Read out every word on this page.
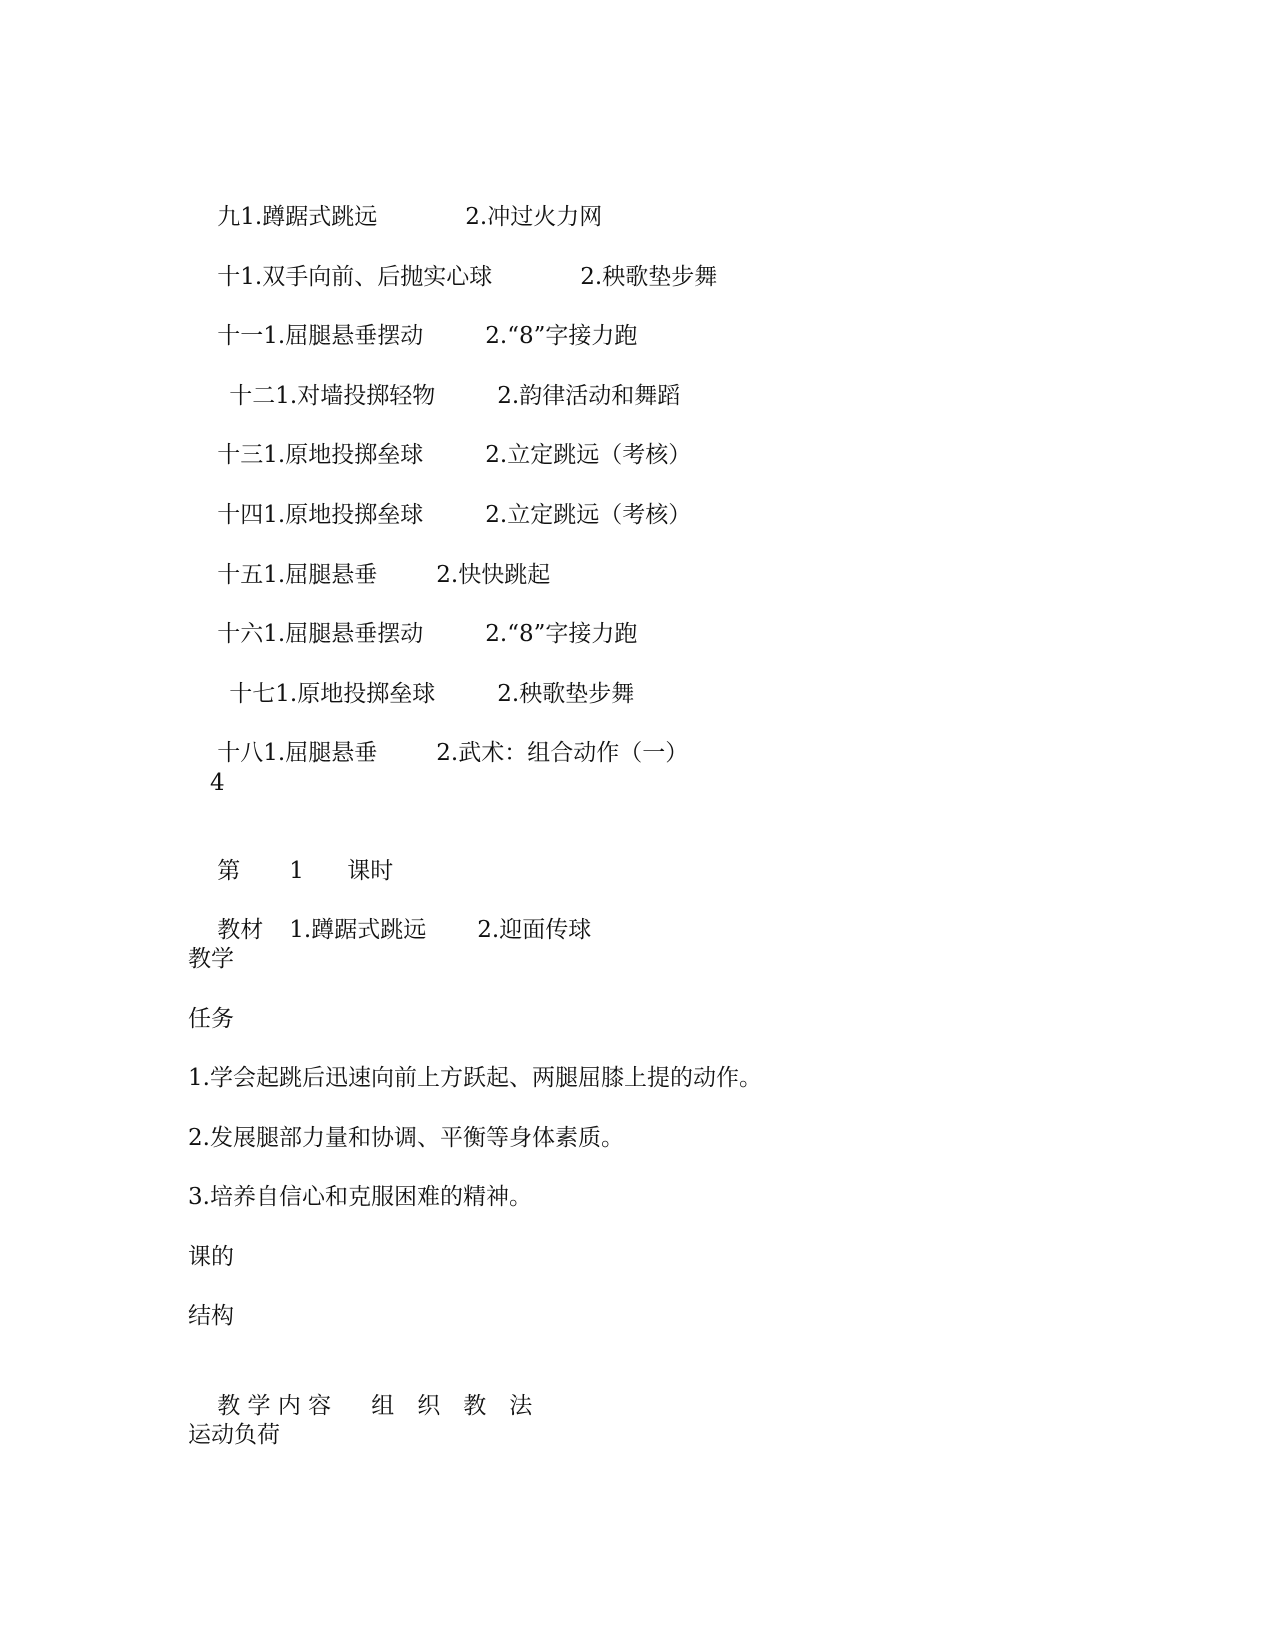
九1.蹲踞式跳远	2.冲过火力网

十1.双手向前、后抛实心球	2.秧歌垫步舞

十一1.屈腿悬垂摆动	2.“8”字接力跑

十二1.对墙投掷轻物	2.韵律活动和舞蹈

十三1.原地投掷垒球	2.立定跳远（考核）

十四1.原地投掷垒球	2.立定跳远（考核）

十五1.屈腿悬垂	2.快快跳起

十六1.屈腿悬垂摆动	2.“8”字接力跑

十七1.原地投掷垒球	2.秧歌垫步舞

十八1.屈腿悬垂	2.武术：组合动作（一）

4

第 1 课时

教材 1.蹲踞式跳远 2.迎面传球

教学

任务

1.学会起跳后迅速向前上方跃起、两腿屈膝上提的动作。

2.发展腿部力量和协调、平衡等身体素质。

3.培养自信心和克服困难的精神。

课的

结构

教 学 内 容 组　织　教　法

运动负荷
